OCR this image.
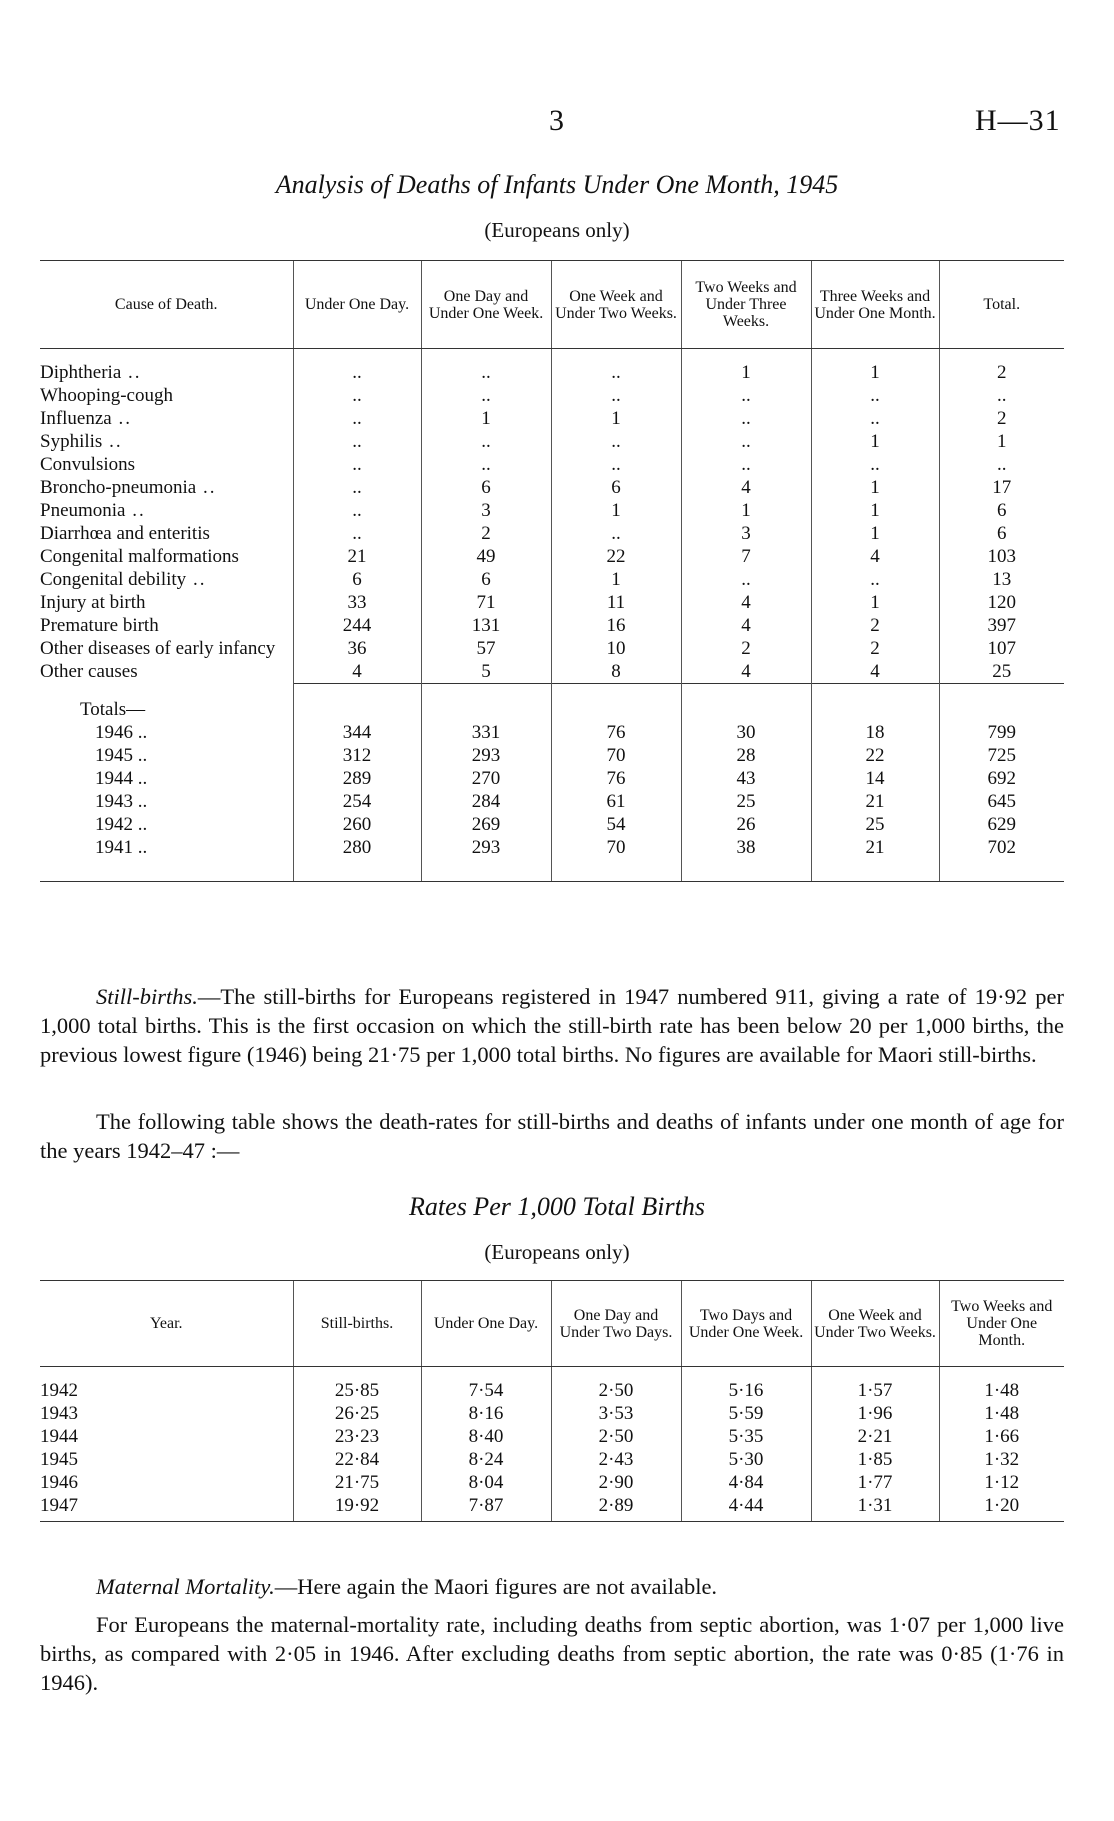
3	H—31
Analysis of Deaths of Infants Under One Month, 1945
(Europeans only)
Cause of Death.	Under One Day.	One Day and Under One Week.	One Week and Under Two Weeks.	Two Weeks and Under Three Weeks.	Three Weeks and Under One Month.	Total.

Diphtheria ..	..	..	..	1	1	2
Whooping-cough	..	..	..	..	..	..
Influenza ..	..	1	1	..	..	2
Syphilis ..	..	..	..	..	1	1
Convulsions	..	..	..	..	..	..
Broncho-pneumonia ..	..	6	6	4	1	17
Pneumonia ..	..	3	1	1	1	6
Diarrhœa and enteritis	..	2	..	3	1	6
Congenital malformations	21	49	22	7	4	103
Congenital debility ..	6	6	1	..	..	13
Injury at birth	33	71	11	4	1	120
Premature birth	244	131	16	4	2	397
Other diseases of early infancy	36	57	10	2	2	107
Other causes	4	5	8	4	4	25
Totals—						
1946 ..	344	331	76	30	18	799
1945 ..	312	293	70	28	22	725
1944 ..	289	270	76	43	14	692
1943 ..	254	284	61	25	21	645
1942 ..	260	269	54	26	25	629
1941 ..	280	293	70	38	21	702

Still-births.—The still-births for Europeans registered in 1947 numbered 911, giving a rate of 19·92 per 1,000 total births. This is the first occasion on which the still-birth rate has been below 20 per 1,000 births, the previous lowest figure (1946) being 21·75 per 1,000 total births. No figures are available for Maori still-births.
The following table shows the death-rates for still-births and deaths of infants under one month of age for the years 1942–47 :—
Rates Per 1,000 Total Births
(Europeans only)
Year.	Still-births.	Under One Day.	One Day and Under Two Days.	Two Days and Under One Week.	One Week and Under Two Weeks.	Two Weeks and Under One Month.

1942	25·85	7·54	2·50	5·16	1·57	1·48
1943	26·25	8·16	3·53	5·59	1·96	1·48
1944	23·23	8·40	2·50	5·35	2·21	1·66
1945	22·84	8·24	2·43	5·30	1·85	1·32
1946	21·75	8·04	2·90	4·84	1·77	1·12
1947	19·92	7·87	2·89	4·44	1·31	1·20

Maternal Mortality.—Here again the Maori figures are not available.
For Europeans the maternal-mortality rate, including deaths from septic abortion, was 1·07 per 1,000 live births, as compared with 2·05 in 1946. After excluding deaths from septic abortion, the rate was 0·85 (1·76 in 1946).
